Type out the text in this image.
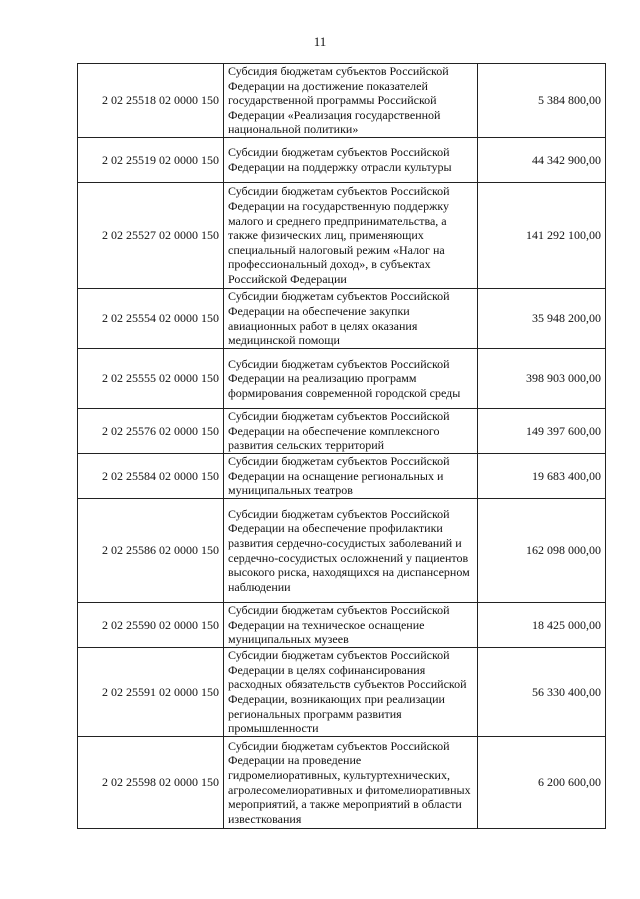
11
2 02 25518 02 0000 150	Субсидия бюджетам субъектов Российской Федерации на достижение показателей государственной программы Российской Федерации «Реализация государственной национальной политики»	5 384 800,00
2 02 25519 02 0000 150	Субсидии бюджетам субъектов Российской Федерации на поддержку отрасли культуры	44 342 900,00
2 02 25527 02 0000 150	Субсидии бюджетам субъектов Российской Федерации на государственную поддержку малого и среднего предпринимательства, а также физических лиц, применяющих специальный налоговый режим «Налог на профессиональный доход», в субъектах Российской Федерации	141 292 100,00
2 02 25554 02 0000 150	Субсидии бюджетам субъектов Российской Федерации на обеспечение закупки авиационных работ в целях оказания медицинской помощи	35 948 200,00
2 02 25555 02 0000 150	Субсидии бюджетам субъектов Российской Федерации на реализацию программ формирования современной городской среды	398 903 000,00
2 02 25576 02 0000 150	Субсидии бюджетам субъектов Российской Федерации на обеспечение комплексного развития сельских территорий	149 397 600,00
2 02 25584 02 0000 150	Субсидии бюджетам субъектов Российской Федерации на оснащение региональных и муниципальных театров	19 683 400,00
2 02 25586 02 0000 150	Субсидии бюджетам субъектов Российской Федерации на обеспечение профилактики развития сердечно-сосудистых заболеваний и сердечно-сосудистых осложнений у пациентов высокого риска, находящихся на диспансерном наблюдении	162 098 000,00
2 02 25590 02 0000 150	Субсидии бюджетам субъектов Российской Федерации на техническое оснащение муниципальных музеев	18 425 000,00
2 02 25591 02 0000 150	Субсидии бюджетам субъектов Российской Федерации в целях софинансирования расходных обязательств субъектов Российской Федерации, возникающих при реализации региональных программ развития промышленности	56 330 400,00
2 02 25598 02 0000 150	Субсидии бюджетам субъектов Российской Федерации на проведение гидромелиоративных, культуртехнических, агролесомелиоративных и фитомелиоративных мероприятий, а также мероприятий в области известкования	6 200 600,00
